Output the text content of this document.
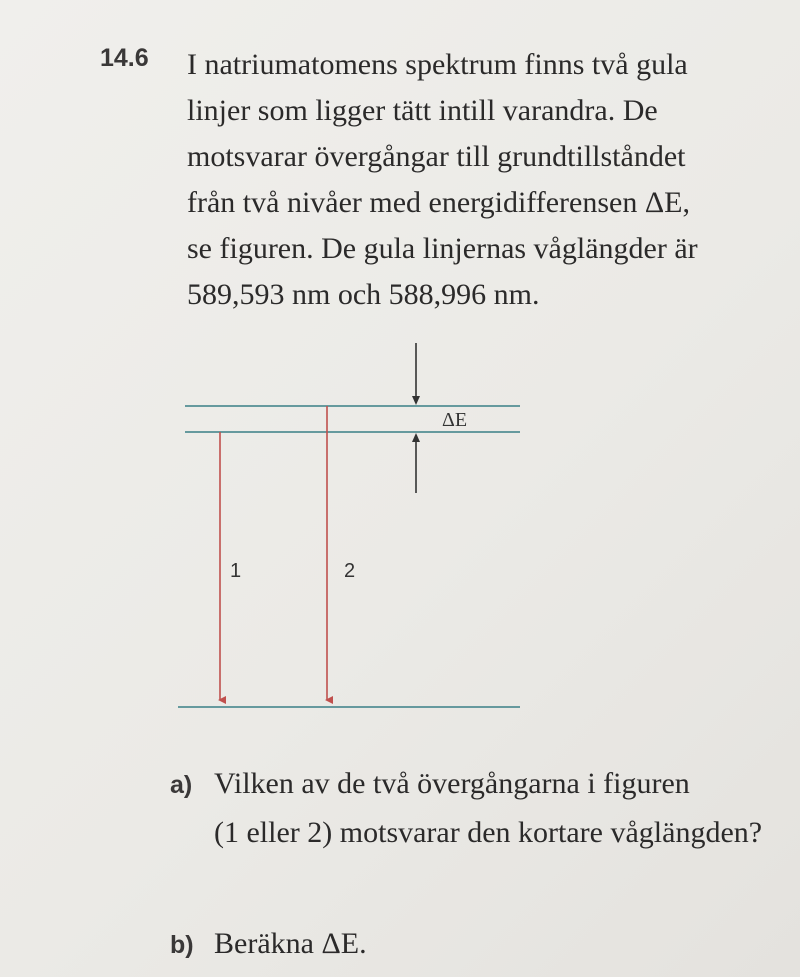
14.6 I natriumatomens spektrum finns två gula
linjer som ligger tätt intill varandra. De
motsvarar övergångar till grundtillståndet
från två nivåer med energidifferensen ΔE,
se figuren. De gula linjernas våglängder är
589,593 nm och 588,996 nm.
ΔE
1	2
a) Vilken av de två övergångarna i figuren
(1 eller 2) motsvarar den kortare våglängden?
b) Beräkna ΔE.
